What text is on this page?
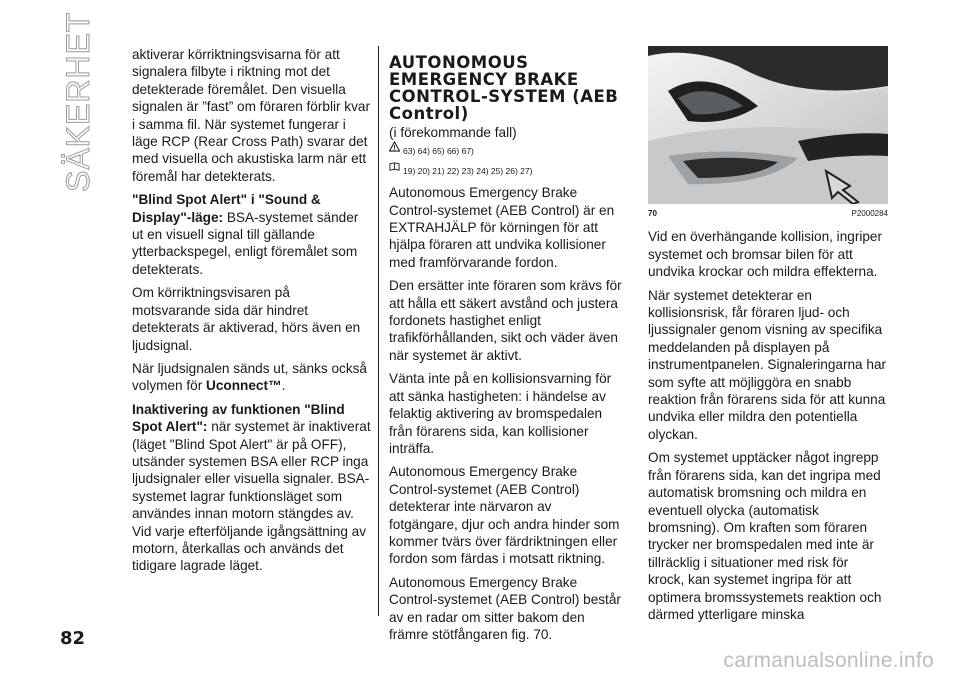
SÄKERHET	aktiverar körriktningsvisarna för att signalera filbyte i riktning mot det detekterade föremålet. Den visuella signalen är ”fast” om föraren förblir kvar i samma fil. När systemet fungerar i läge RCP (Rear Cross Path) svarar det med visuella och akustiska larm när ett föremål har detekterats.

"Blind Spot Alert" i "Sound & Display"-läge: BSA-systemet sänder ut en visuell signal till gällande ytterbackspegel, enligt föremålet som detekterats.

Om körriktningsvisaren på motsvarande sida där hindret detekterats är aktiverad, hörs även en ljudsignal.

När ljudsignalen sänds ut, sänks också volymen för Uconnect™.

Inaktivering av funktionen "Blind Spot Alert": när systemet är inaktiverat (läget "Blind Spot Alert" är på OFF), utsänder systemen BSA eller RCP inga ljudsignaler eller visuella signaler. BSA-systemet lagrar funktionsläget som användes innan motorn stängdes av. Vid varje efterföljande igångsättning av motorn, återkallas och används det tidigare lagrade läget.

AUTONOMOUS EMERGENCY BRAKE CONTROL-SYSTEM (AEB Control)

(i förekommande fall)

63) 64) 65) 66) 67)
19) 20) 21) 22) 23) 24) 25) 26) 27)

Autonomous Emergency Brake Control-systemet (AEB Control) är en EXTRAHJÄLP för körningen för att hjälpa föraren att undvika kollisioner med framförvarande fordon.

Den ersätter inte föraren som krävs för att hålla ett säkert avstånd och justera fordonets hastighet enligt trafikförhållanden, sikt och väder även när systemet är aktivt.

Vänta inte på en kollisionsvarning för att sänka hastigheten: i händelse av felaktig aktivering av bromspedalen från förarens sida, kan kollisioner inträffa.

Autonomous Emergency Brake Control-systemet (AEB Control) detekterar inte närvaron av fotgängare, djur och andra hinder som kommer tvärs över färdriktningen eller fordon som färdas i motsatt riktning.

Autonomous Emergency Brake Control-systemet (AEB Control) består av en radar om sitter bakom den främre stötfångaren fig. 70.

70	P2000284

Vid en överhängande kollision, ingriper systemet och bromsar bilen för att undvika krockar och mildra effekterna.

När systemet detekterar en kollisionsrisk, får föraren ljud- och ljussignaler genom visning av specifika meddelanden på displayen på instrumentpanelen. Signaleringarna har som syfte att möjliggöra en snabb reaktion från förarens sida för att kunna undvika eller mildra den potentiella olyckan.

Om systemet upptäcker något ingrepp från förarens sida, kan det ingripa med automatisk bromsning och mildra en eventuell olycka (automatisk bromsning). Om kraften som föraren trycker ner bromspedalen med inte är tillräcklig i situationer med risk för krock, kan systemet ingripa för att optimera bromssystemets reaktion och därmed ytterligare minska

82
carmanualsonline.info
